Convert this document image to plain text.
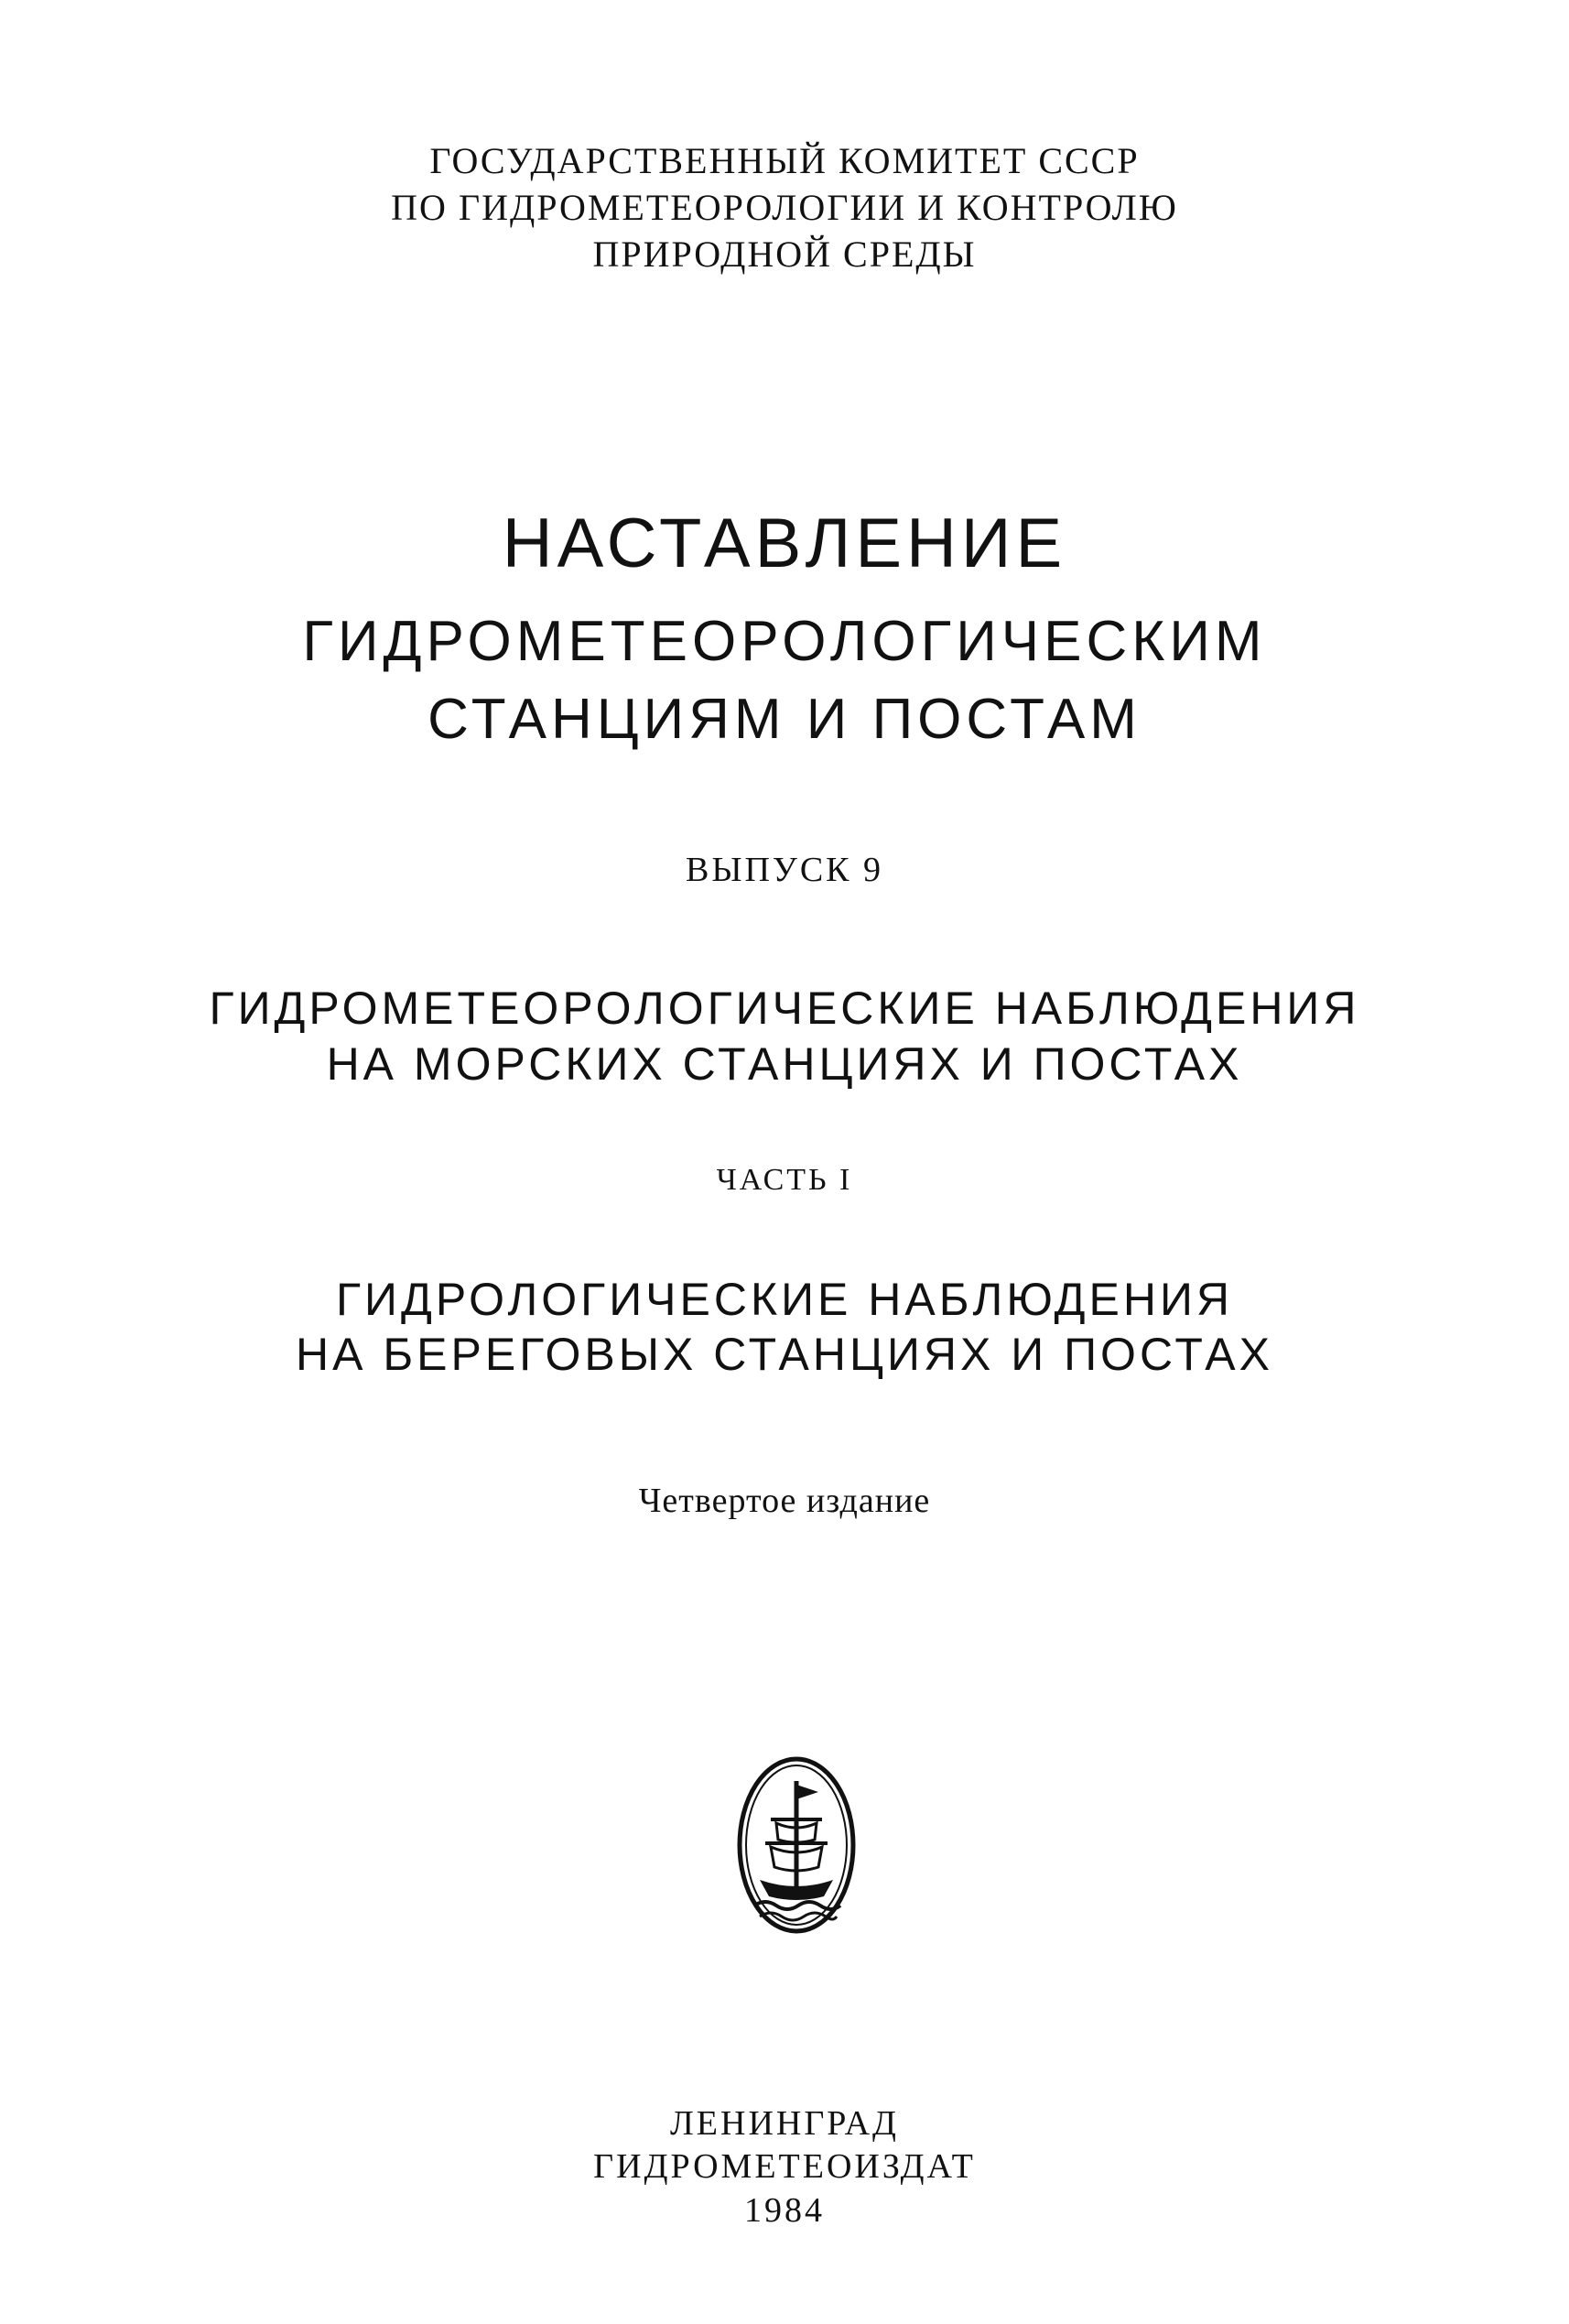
ГОСУДАРСТВЕННЫЙ КОМИТЕТ СССР
ПО ГИДРОМЕТЕОРОЛОГИИ И КОНТРОЛЮ
ПРИРОДНОЙ СРЕДЫ
НАСТАВЛЕНИЕ
ГИДРОМЕТЕОРОЛОГИЧЕСКИМ
СТАНЦИЯМ И ПОСТАМ
ВЫПУСК 9
ГИДРОМЕТЕОРОЛОГИЧЕСКИЕ НАБЛЮДЕНИЯ
НА МОРСКИХ СТАНЦИЯХ И ПОСТАХ
ЧАСТЬ I
ГИДРОЛОГИЧЕСКИЕ НАБЛЮДЕНИЯ
НА БЕРЕГОВЫХ СТАНЦИЯХ И ПОСТАХ
Четвертое издание
ЛЕНИНГРАД
ГИДРОМЕТЕОИЗДАТ
1984
